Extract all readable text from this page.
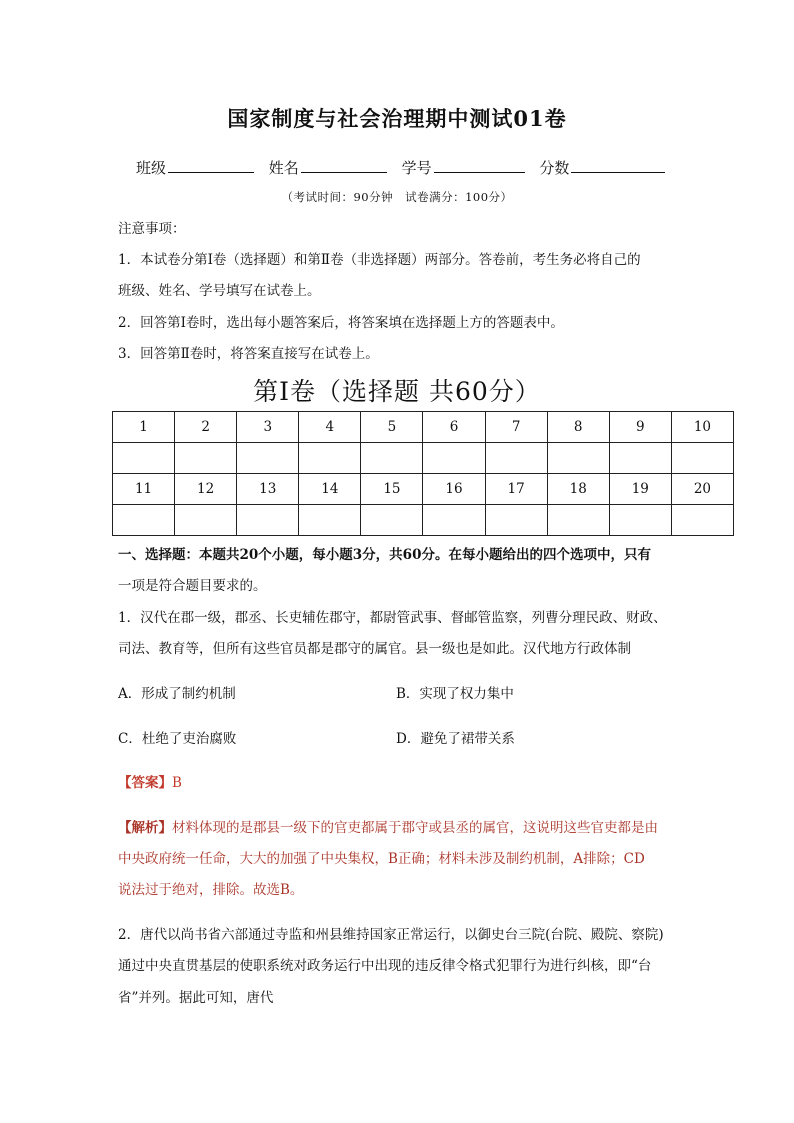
国家制度与社会治理期中测试01卷
班级	姓名	学号	分数
（考试时间：90分钟　试卷满分：100分）
注意事项：
1．本试卷分第Ⅰ卷（选择题）和第Ⅱ卷（非选择题）两部分。答卷前，考生务必将自己的
班级、姓名、学号填写在试卷上。
2．回答第Ⅰ卷时，选出每小题答案后，将答案填在选择题上方的答题表中。
3．回答第Ⅱ卷时，将答案直接写在试卷上。
第Ⅰ卷（选择题 共60分）
1	2	3	4	5	6	7	8	9	10

11	12	13	14	15	16	17	18	19	20

一、选择题：本题共20个小题，每小题3分，共60分。在每小题给出的四个选项中，只有
一项是符合题目要求的。
1．汉代在郡一级，郡丞、长吏辅佐郡守，都尉管武事、督邮管监察，列曹分理民政、财政、
司法、教育等，但所有这些官员都是郡守的属官。县一级也是如此。汉代地方行政体制
A．形成了制约机制	B．实现了权力集中
C．杜绝了吏治腐败	D．避免了裙带关系
【答案】B
【解析】材料体现的是郡县一级下的官吏都属于郡守或县丞的属官，这说明这些官吏都是由
中央政府统一任命，大大的加强了中央集权，B正确；材料未涉及制约机制，A排除；CD
说法过于绝对，排除。故选B。
2．唐代以尚书省六部通过寺监和州县维持国家正常运行，以御史台三院(台院、殿院、察院)
通过中央直贯基层的使职系统对政务运行中出现的违反律令格式犯罪行为进行纠核，即“台
省”并列。据此可知，唐代
